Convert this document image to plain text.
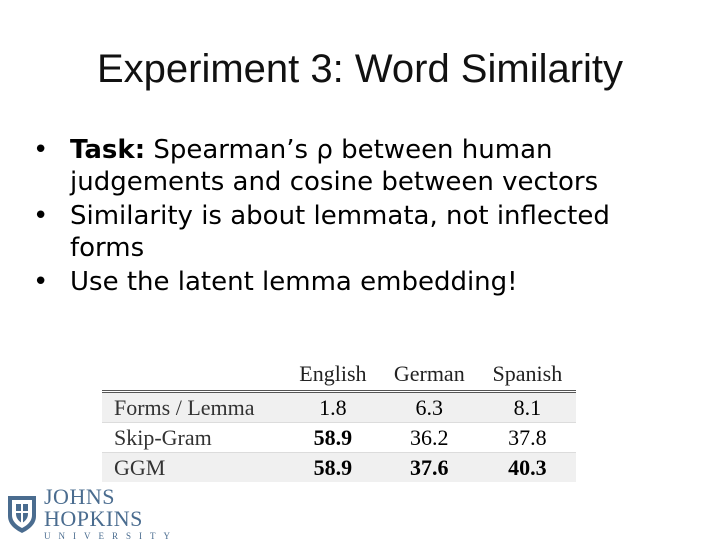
Experiment 3: Word Similarity
• Task: Spearman’s ρ between human judgements and cosine between vectors
• Similarity is about lemmata, not inflected forms
• Use the latent lemma embedding!
	English	German	Spanish
Forms / Lemma	1.8	6.3	8.1
Skip-Gram	58.9	36.2	37.8
GGM	58.9	37.6	40.3
JOHNS HOPKINS
UNIVERSITY
